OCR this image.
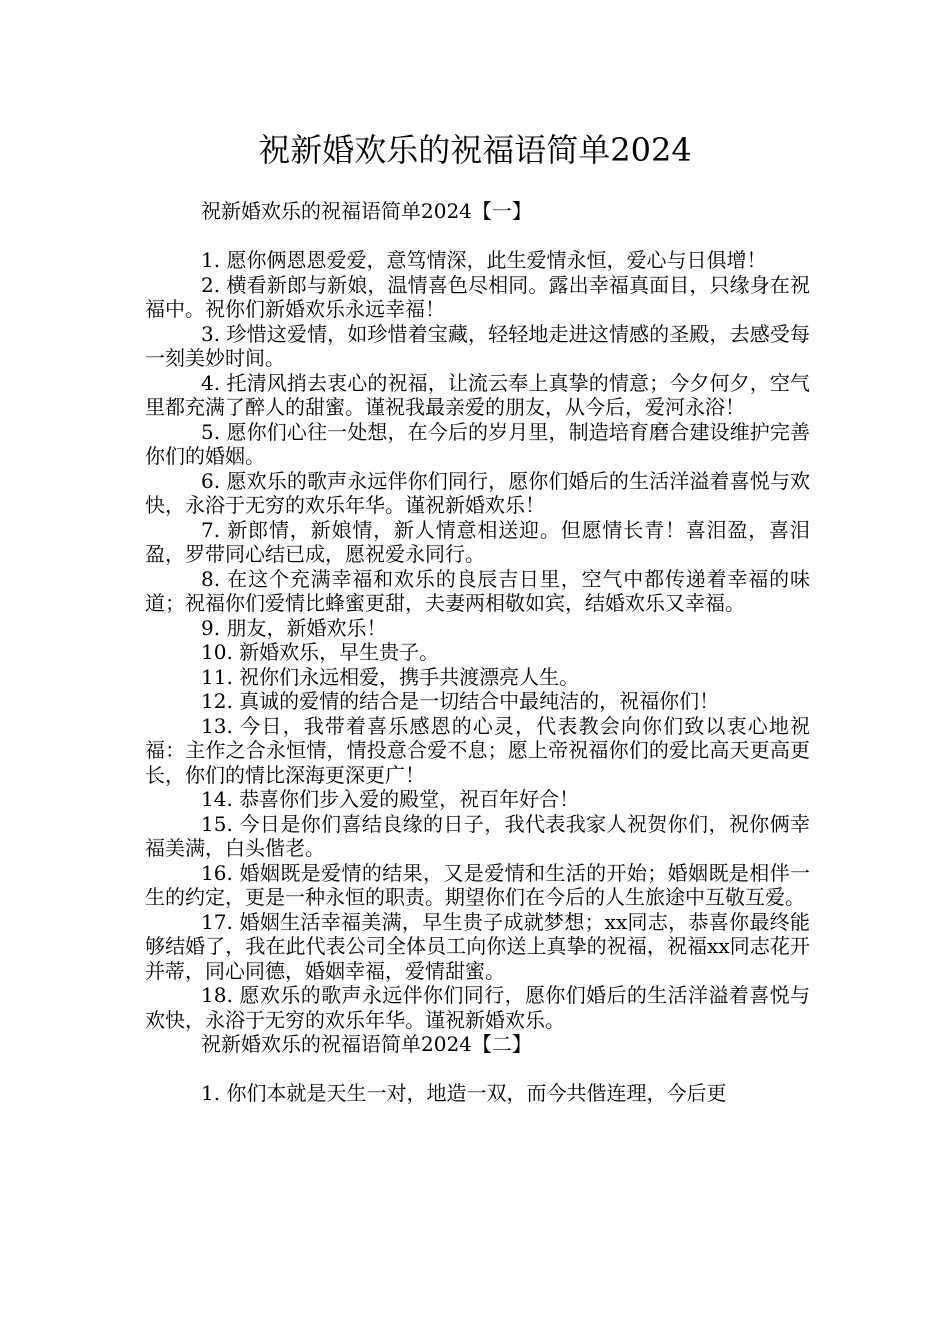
祝新婚欢乐的祝福语简单2024
祝新婚欢乐的祝福语简单2024【一】

1. 愿你俩恩恩爱爱，意笃情深，此生爱情永恒，爱心与日俱增！

2. 横看新郎与新娘，温情喜色尽相同。露出幸福真面目，只缘身在祝福中。祝你们新婚欢乐永远幸福！

3. 珍惜这爱情，如珍惜着宝藏，轻轻地走进这情感的圣殿，去感受每一刻美妙时间。

4. 托清风捎去衷心的祝福，让流云奉上真挚的情意；今夕何夕，空气里都充满了醉人的甜蜜。谨祝我最亲爱的朋友，从今后，爱河永浴！

5. 愿你们心往一处想，在今后的岁月里，制造培育磨合建设维护完善你们的婚姻。

6. 愿欢乐的歌声永远伴你们同行，愿你们婚后的生活洋溢着喜悦与欢快，永浴于无穷的欢乐年华。谨祝新婚欢乐！

7. 新郎情，新娘情，新人情意相送迎。但愿情长青！喜泪盈，喜泪盈，罗带同心结已成，愿祝爱永同行。

8. 在这个充满幸福和欢乐的良辰吉日里，空气中都传递着幸福的味道；祝福你们爱情比蜂蜜更甜，夫妻两相敬如宾，结婚欢乐又幸福。

9. 朋友，新婚欢乐！

10. 新婚欢乐，早生贵子。

11. 祝你们永远相爱，携手共渡漂亮人生。

12. 真诚的爱情的结合是一切结合中最纯洁的，祝福你们！

13. 今日，我带着喜乐感恩的心灵，代表教会向你们致以衷心地祝福：主作之合永恒情，情投意合爱不息；愿上帝祝福你们的爱比高天更高更长，你们的情比深海更深更广！

14. 恭喜你们步入爱的殿堂，祝百年好合！

15. 今日是你们喜结良缘的日子，我代表我家人祝贺你们，祝你俩幸福美满，白头偕老。

16. 婚姻既是爱情的结果，又是爱情和生活的开始；婚姻既是相伴一生的约定，更是一种永恒的职责。期望你们在今后的人生旅途中互敬互爱。

17. 婚姻生活幸福美满，早生贵子成就梦想；xx同志，恭喜你最终能够结婚了，我在此代表公司全体员工向你送上真挚的祝福，祝福xx同志花开并蒂，同心同德，婚姻幸福，爱情甜蜜。

18. 愿欢乐的歌声永远伴你们同行，愿你们婚后的生活洋溢着喜悦与欢快，永浴于无穷的欢乐年华。谨祝新婚欢乐。

祝新婚欢乐的祝福语简单2024【二】

1. 你们本就是天生一对，地造一双，而今共偕连理，今后更
